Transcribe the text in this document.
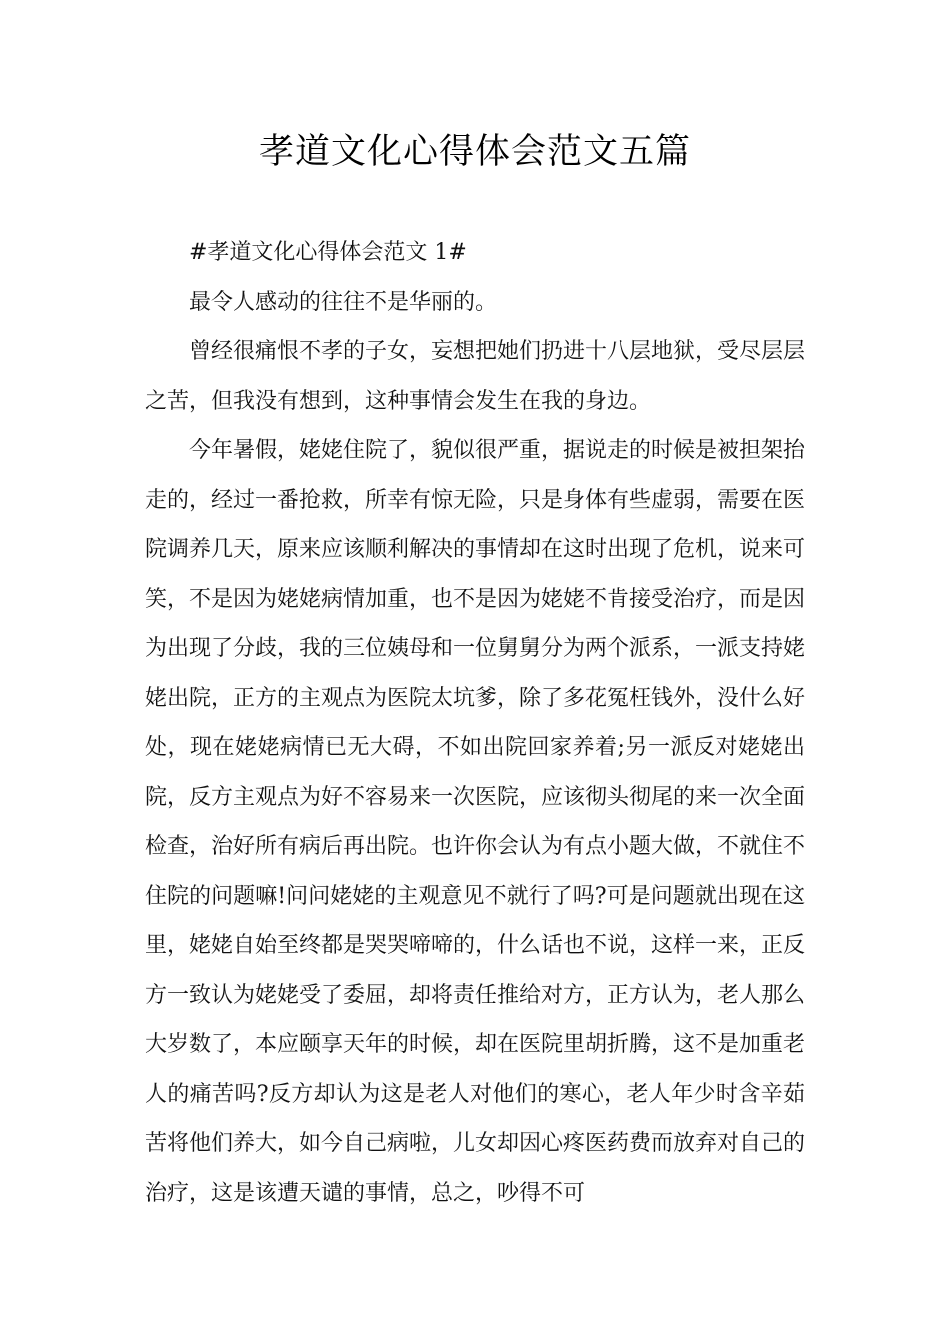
孝道文化心得体会范文五篇

#孝道文化心得体会范文 1#

最令人感动的往往不是华丽的。

曾经很痛恨不孝的子女，妄想把她们扔进十八层地狱，受尽层层之苦，但我没有想到，这种事情会发生在我的身边。

今年暑假，姥姥住院了，貌似很严重，据说走的时候是被担架抬走的，经过一番抢救，所幸有惊无险，只是身体有些虚弱，需要在医院调养几天，原来应该顺利解决的事情却在这时出现了危机，说来可笑，不是因为姥姥病情加重，也不是因为姥姥不肯接受治疗，而是因为出现了分歧，我的三位姨母和一位舅舅分为两个派系，一派支持姥姥出院，正方的主观点为医院太坑爹，除了多花冤枉钱外，没什么好处，现在姥姥病情已无大碍，不如出院回家养着;另一派反对姥姥出院，反方主观点为好不容易来一次医院，应该彻头彻尾的来一次全面检查，治好所有病后再出院。也许你会认为有点小题大做，不就住不住院的问题嘛!问问姥姥的主观意见不就行了吗?可是问题就出现在这里，姥姥自始至终都是哭哭啼啼的，什么话也不说，这样一来，正反方一致认为姥姥受了委屈，却将责任推给对方，正方认为，老人那么大岁数了，本应颐享天年的时候，却在医院里胡折腾，这不是加重老人的痛苦吗?反方却认为这是老人对他们的寒心，老人年少时含辛茹苦将他们养大，如今自己病啦，儿女却因心疼医药费而放弃对自己的治疗，这是该遭天谴的事情，总之，吵得不可
